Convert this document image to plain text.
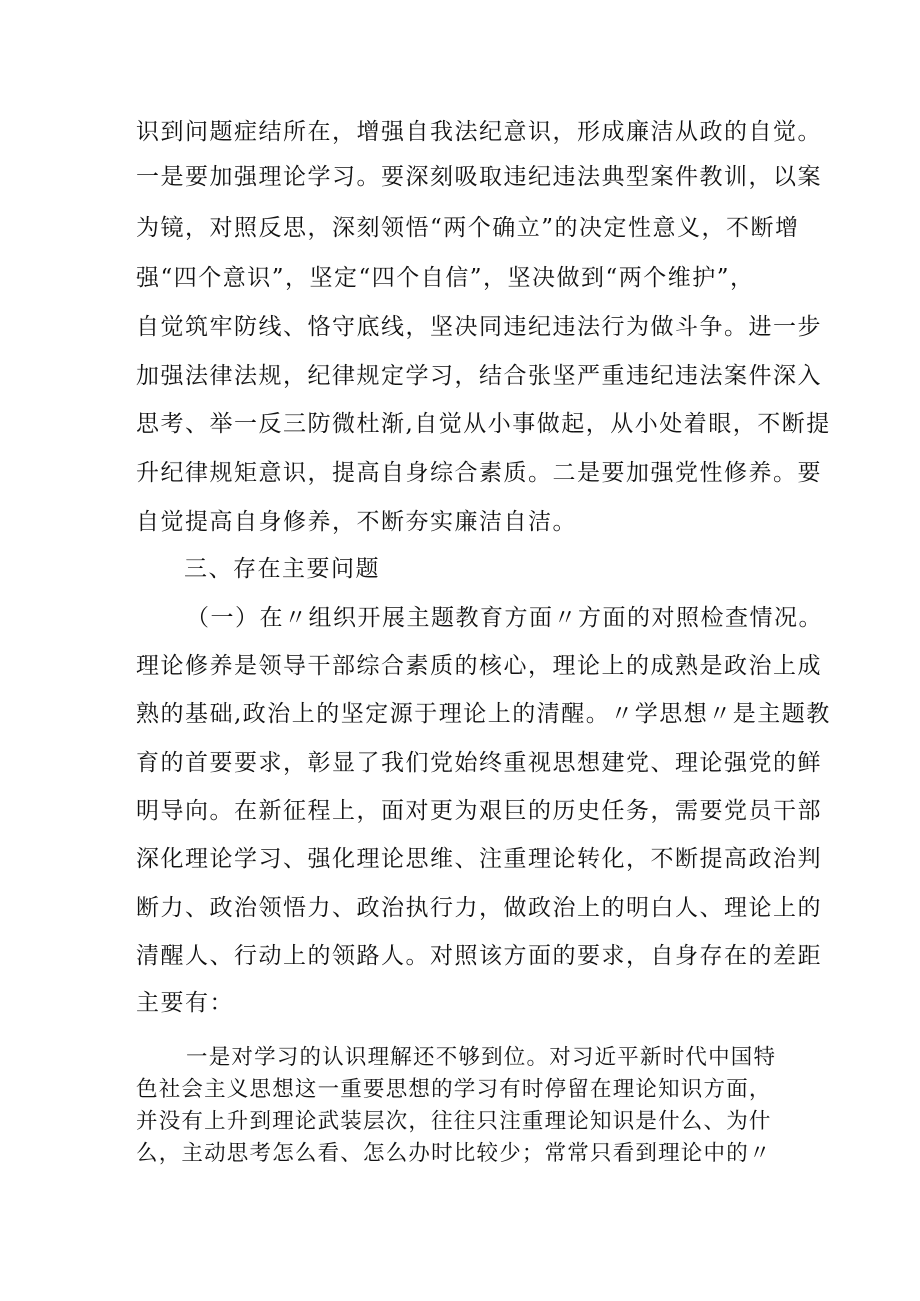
识到问题症结所在，增强自我法纪意识，形成廉洁从政的自觉。
一是要加强理论学习。要深刻吸取违纪违法典型案件教训，以案
为镜，对照反思，深刻领悟“两个确立”的决定性意义，不断增
强“四个意识”，坚定“四个自信”，坚决做到“两个维护”，
自觉筑牢防线、恪守底线，坚决同违纪违法行为做斗争。进一步
加强法律法规，纪律规定学习，结合张坚严重违纪违法案件深入
思考、举一反三防微杜渐,自觉从小事做起，从小处着眼，不断提
升纪律规矩意识，提高自身综合素质。二是要加强党性修养。要
自觉提高自身修养，不断夯实廉洁自洁。
三、存在主要问题
（一）在〃组织开展主题教育方面〃方面的对照检查情况。
理论修养是领导干部综合素质的核心，理论上的成熟是政治上成
熟的基础,政治上的坚定源于理论上的清醒。〃学思想〃是主题教
育的首要要求，彰显了我们党始终重视思想建党、理论强党的鲜
明导向。在新征程上，面对更为艰巨的历史任务，需要党员干部
深化理论学习、强化理论思维、注重理论转化，不断提高政治判
断力、政治领悟力、政治执行力，做政治上的明白人、理论上的
清醒人、行动上的领路人。对照该方面的要求，自身存在的差距
主要有：
一是对学习的认识理解还不够到位。对习近平新时代中国特
色社会主义思想这一重要思想的学习有时停留在理论知识方面，
并没有上升到理论武装层次，往往只注重理论知识是什么、为什
么，主动思考怎么看、怎么办时比较少；常常只看到理论中的〃
